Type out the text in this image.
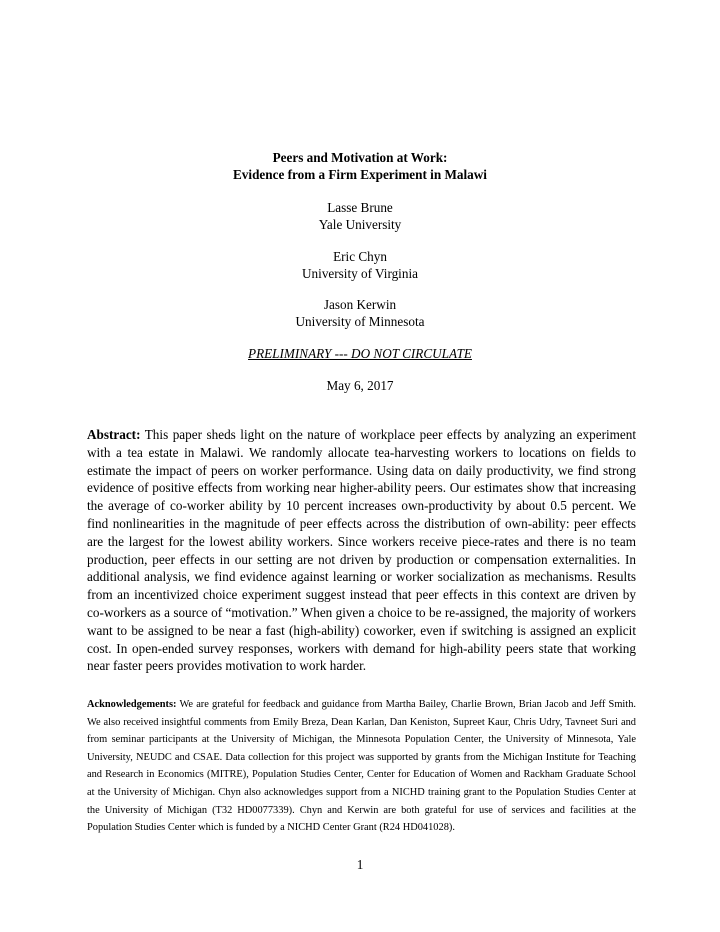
Peers and Motivation at Work:
Evidence from a Firm Experiment in Malawi
Lasse Brune
Yale University
Eric Chyn
University of Virginia
Jason Kerwin
University of Minnesota
PRELIMINARY --- DO NOT CIRCULATE
May 6, 2017

Abstract: This paper sheds light on the nature of workplace peer effects by analyzing an experiment with a tea estate in Malawi. We randomly allocate tea-harvesting workers to locations on fields to estimate the impact of peers on worker performance. Using data on daily productivity, we find strong evidence of positive effects from working near higher-ability peers. Our estimates show that increasing the average of co-worker ability by 10 percent increases own-productivity by about 0.5 percent. We find nonlinearities in the magnitude of peer effects across the distribution of own-ability: peer effects are the largest for the lowest ability workers. Since workers receive piece-rates and there is no team production, peer effects in our setting are not driven by production or compensation externalities. In additional analysis, we find evidence against learning or worker socialization as mechanisms. Results from an incentivized choice experiment suggest instead that peer effects in this context are driven by co-workers as a source of “motivation.” When given a choice to be re-assigned, the majority of workers want to be assigned to be near a fast (high-ability) coworker, even if switching is assigned an explicit cost. In open-ended survey responses, workers with demand for high-ability peers state that working near faster peers provides motivation to work harder.

Acknowledgements: We are grateful for feedback and guidance from Martha Bailey, Charlie Brown, Brian Jacob and Jeff Smith. We also received insightful comments from Emily Breza, Dean Karlan, Dan Keniston, Supreet Kaur, Chris Udry, Tavneet Suri and from seminar participants at the University of Michigan, the Minnesota Population Center, the University of Minnesota, Yale University, NEUDC and CSAE. Data collection for this project was supported by grants from the Michigan Institute for Teaching and Research in Economics (MITRE), Population Studies Center, Center for Education of Women and Rackham Graduate School at the University of Michigan. Chyn also acknowledges support from a NICHD training grant to the Population Studies Center at the University of Michigan (T32 HD0077339). Chyn and Kerwin are both grateful for use of services and facilities at the Population Studies Center which is funded by a NICHD Center Grant (R24 HD041028).

1
